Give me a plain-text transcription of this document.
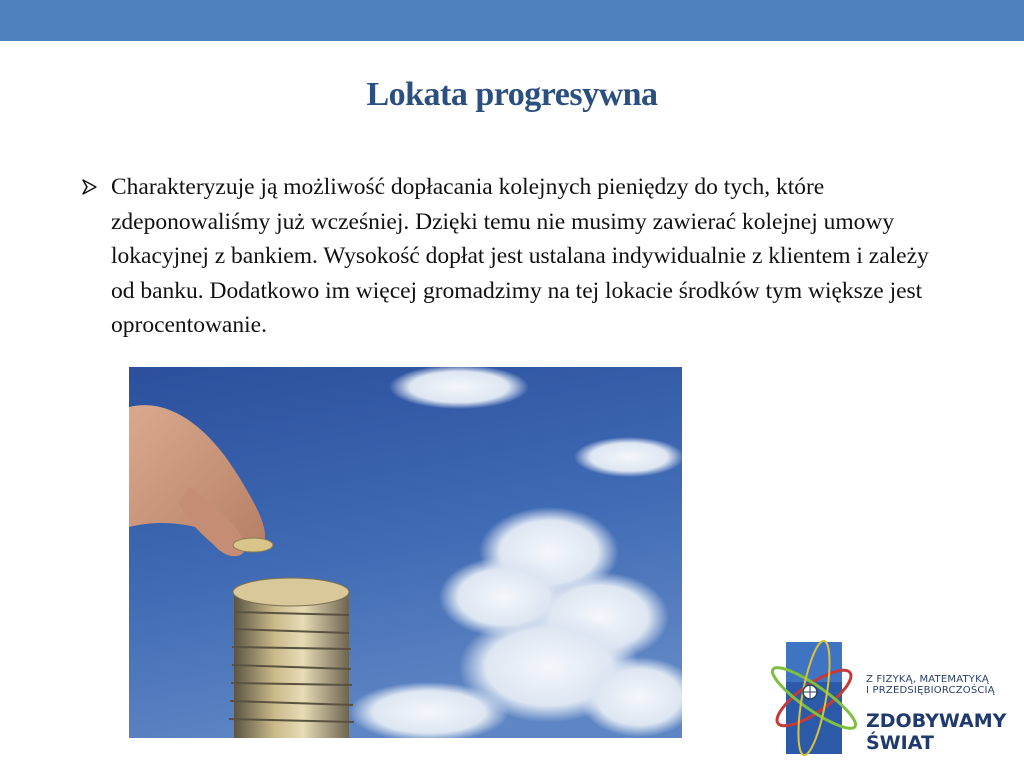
Lokata progresywna

Charakteryzuje ją możliwość dopłacania kolejnych pieniędzy do tych, które zdeponowaliśmy już wcześniej. Dzięki temu nie musimy zawierać kolejnej umowy lokacyjnej z bankiem. Wysokość dopłat jest ustalana indywidualnie z klientem i zależy od banku. Dodatkowo im więcej gromadzimy na tej lokacie środków tym większe jest oprocentowanie.

Z FIZYKĄ, MATEMATYKĄ
I PRZEDSIĘBIORCZOŚCIĄ
ZDOBYWAMY
ŚWIAT
